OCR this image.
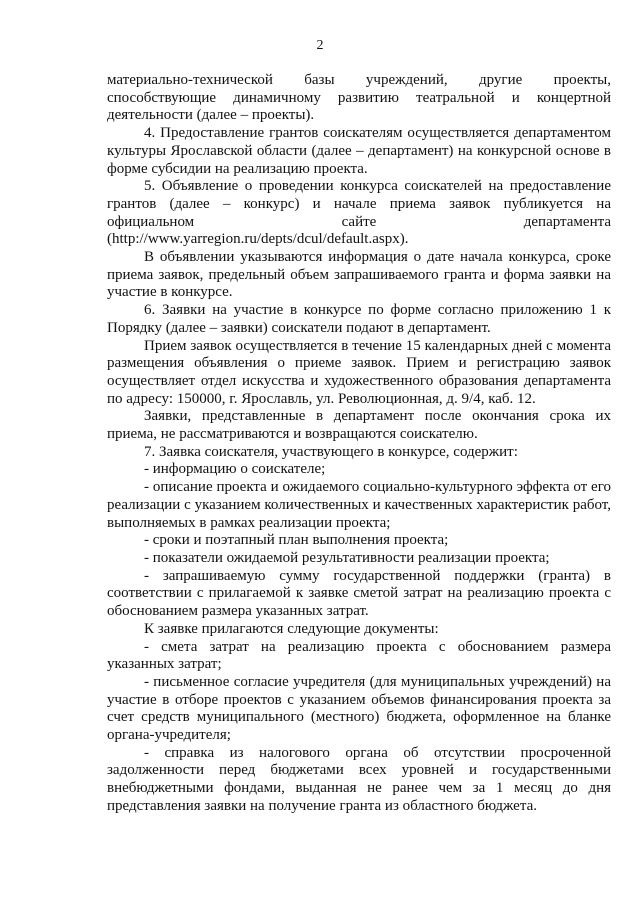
2

материально-технической базы учреждений, другие проекты, способствующие динамичному развитию театральной и концертной деятельности (далее – проекты).

4. Предоставление грантов соискателям осуществляется департаментом культуры Ярославской области (далее – департамент) на конкурсной основе в форме субсидии на реализацию проекта.

5. Объявление о проведении конкурса соискателей на предоставление грантов (далее – конкурс) и начале приема заявок публикуется на официальном сайте департамента (http://www.yarregion.ru/depts/dcul/default.aspx).

В объявлении указываются информация о дате начала конкурса, сроке приема заявок, предельный объем запрашиваемого гранта и форма заявки на участие в конкурсе.

6. Заявки на участие в конкурсе по форме согласно приложению 1 к Порядку (далее – заявки) соискатели подают в департамент.

Прием заявок осуществляется в течение 15 календарных дней с момента размещения объявления о приеме заявок. Прием и регистрацию заявок осуществляет отдел искусства и художественного образования департамента по адресу: 150000, г. Ярославль, ул. Революционная, д. 9/4, каб. 12.

Заявки, представленные в департамент после окончания срока их приема, не рассматриваются и возвращаются соискателю.

7. Заявка соискателя, участвующего в конкурсе, содержит:

- информацию о соискателе;

- описание проекта и ожидаемого социально-культурного эффекта от его реализации с указанием количественных и качественных характеристик работ, выполняемых в рамках реализации проекта;

- сроки и поэтапный план выполнения проекта;

- показатели ожидаемой результативности реализации проекта;

- запрашиваемую сумму государственной поддержки (гранта) в соответствии с прилагаемой к заявке сметой затрат на реализацию проекта с обоснованием размера указанных затрат.

К заявке прилагаются следующие документы:

- смета затрат на реализацию проекта с обоснованием размера указанных затрат;

- письменное согласие учредителя (для муниципальных учреждений) на участие в отборе проектов с указанием объемов финансирования проекта за счет средств муниципального (местного) бюджета, оформленное на бланке органа-учредителя;

- справка из налогового органа об отсутствии просроченной задолженности перед бюджетами всех уровней и государственными внебюджетными фондами, выданная не ранее чем за 1 месяц до дня представления заявки на получение гранта из областного бюджета.
